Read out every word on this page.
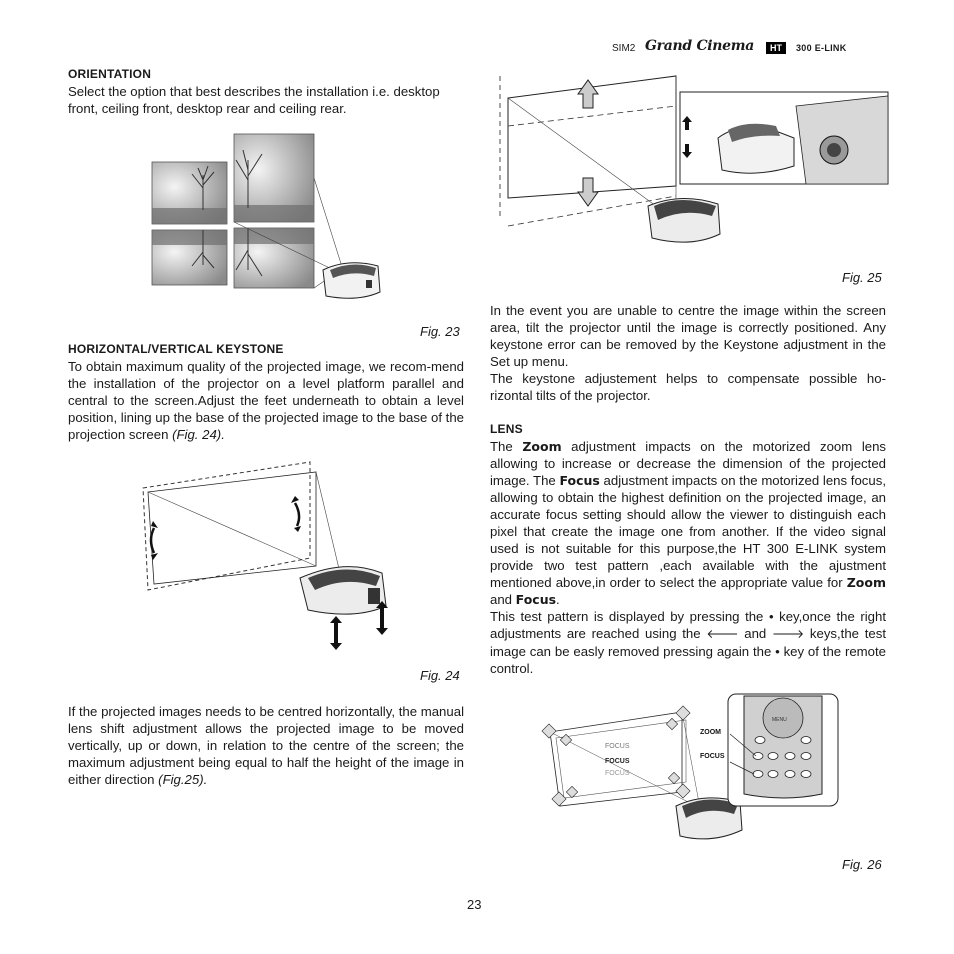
SIM2 Grand Cinema	HT	300 E-LINK
ORIENTATION
Select the option that best describes the installation i.e. desktop front, ceiling front, desktop rear and ceiling rear.
Fig. 23
HORIZONTAL/VERTICAL KEYSTONE
To obtain maximum quality of the projected image, we recom-mend the installation of the projector on a level platform parallel and central to the screen.Adjust the feet underneath to obtain a level position, lining up the base of the projected image to the base of the projection screen (Fig. 24).
Fig. 24
If the projected images needs to be centred horizontally, the manual lens shift adjustment allows the projected image to be moved vertically, up or down, in relation to the centre of the screen; the maximum adjustment being equal to half the height of the image in either direction (Fig.25).
Fig. 25
In the event you are unable to centre the image within the screen area, tilt the projector until the image is correctly positioned. Any keystone error can be removed by the Keystone adjustment in the Set up menu.
The keystone adjustement helps to compensate possible ho-rizontal tilts of the projector.
LENS
The Zoom adjustment impacts on the motorized zoom lens allowing to increase or decrease the dimension of the projected image. The Focus adjustment impacts on the motorized lens focus, allowing to obtain the highest definition on the projected image, an accurate focus setting should allow the viewer to distinguish each pixel that create the image one from another. If the video signal used is not suitable for this purpose,the HT 300 E-LINK system provide two test pattern ,each available with the ajustment mentioned above,in order to select the appropriate value for Zoom and Focus.
This test pattern is displayed by pressing the • key,once the right adjustments are reached using the 🡐 and 🡒 keys,the test image can be easly removed pressing again the • key of the remote control.
FOCUS
FOCUS
FOCUS
MENU
ZOOM
FOCUS
Fig. 26
23
